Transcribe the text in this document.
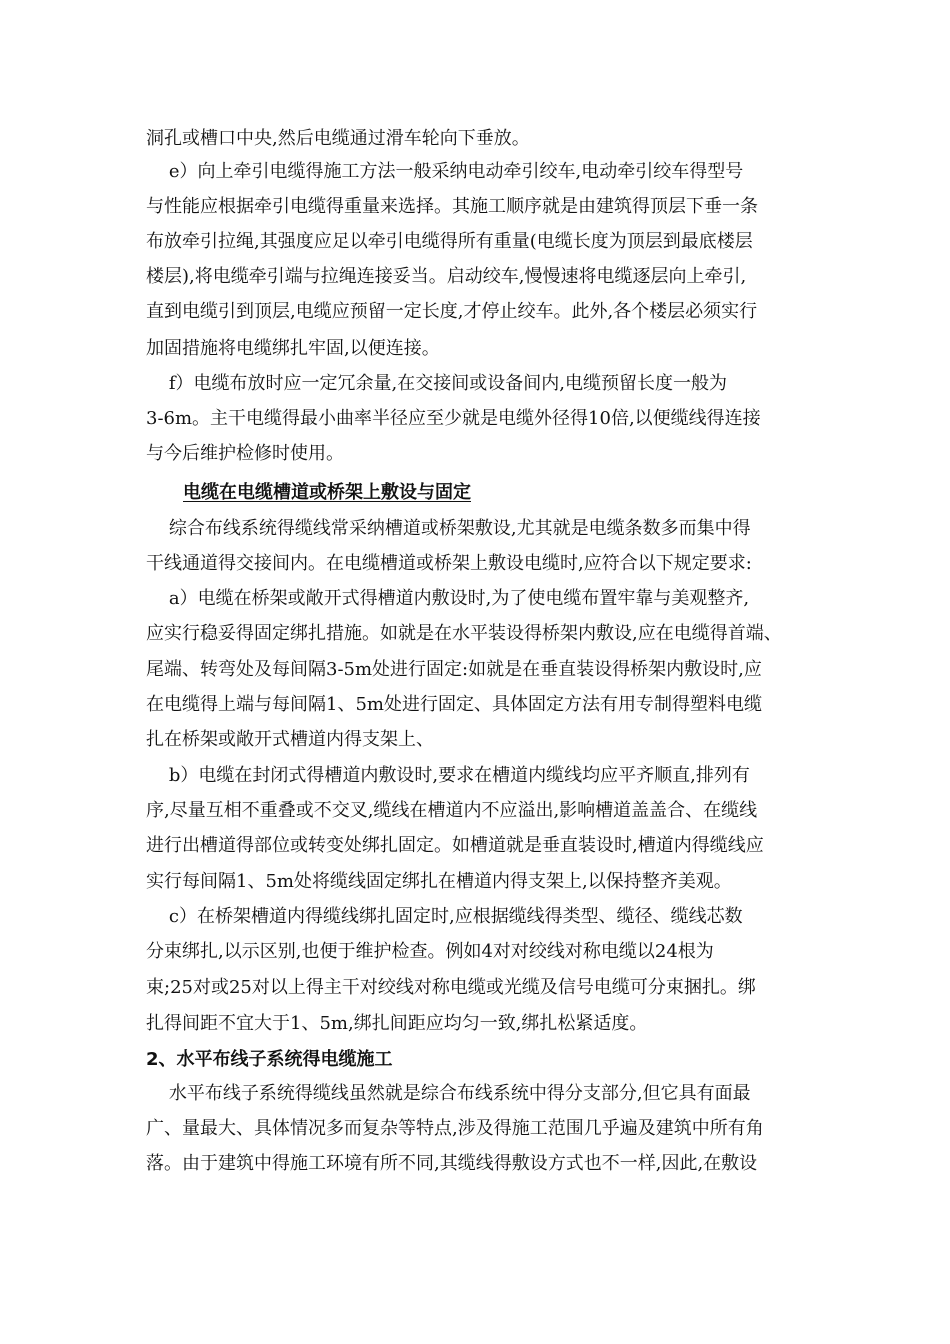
洞孔或槽口中央,然后电缆通过滑车轮向下垂放。
e）向上牵引电缆得施工方法一般采纳电动牵引绞车,电动牵引绞车得型号
与性能应根据牵引电缆得重量来选择。其施工顺序就是由建筑得顶层下垂一条
布放牵引拉绳,其强度应足以牵引电缆得所有重量(电缆长度为顶层到最底楼层
楼层),将电缆牵引端与拉绳连接妥当。启动绞车,慢慢速将电缆逐层向上牵引,
直到电缆引到顶层,电缆应预留一定长度,才停止绞车。此外,各个楼层必须实行
加固措施将电缆绑扎牢固,以便连接。
f）电缆布放时应一定冗余量,在交接间或设备间内,电缆预留长度一般为
3-6m。主干电缆得最小曲率半径应至少就是电缆外径得10倍,以便缆线得连接
与今后维护检修时使用。
电缆在电缆槽道或桥架上敷设与固定
综合布线系统得缆线常采纳槽道或桥架敷设,尤其就是电缆条数多而集中得
干线通道得交接间内。在电缆槽道或桥架上敷设电缆时,应符合以下规定要求:
a）电缆在桥架或敞开式得槽道内敷设时,为了使电缆布置牢靠与美观整齐,
应实行稳妥得固定绑扎措施。如就是在水平装设得桥架内敷设,应在电缆得首端、
尾端、转弯处及每间隔3-5m处进行固定:如就是在垂直装设得桥架内敷设时,应
在电缆得上端与每间隔1、5m处进行固定、具体固定方法有用专制得塑料电缆
扎在桥架或敞开式槽道内得支架上、
b）电缆在封闭式得槽道内敷设时,要求在槽道内缆线均应平齐顺直,排列有
序,尽量互相不重叠或不交叉,缆线在槽道内不应溢出,影响槽道盖盖合、在缆线
进行出槽道得部位或转变处绑扎固定。如槽道就是垂直装设时,槽道内得缆线应
实行每间隔1、5m处将缆线固定绑扎在槽道内得支架上,以保持整齐美观。
c）在桥架槽道内得缆线绑扎固定时,应根据缆线得类型、缆径、缆线芯数
分束绑扎,以示区别,也便于维护检查。例如4对对绞线对称电缆以24根为
束;25对或25对以上得主干对绞线对称电缆或光缆及信号电缆可分束捆扎。绑
扎得间距不宜大于1、5m,绑扎间距应均匀一致,绑扎松紧适度。
2、水平布线子系统得电缆施工
水平布线子系统得缆线虽然就是综合布线系统中得分支部分,但它具有面最
广、量最大、具体情况多而复杂等特点,涉及得施工范围几乎遍及建筑中所有角
落。由于建筑中得施工环境有所不同,其缆线得敷设方式也不一样,因此,在敷设
